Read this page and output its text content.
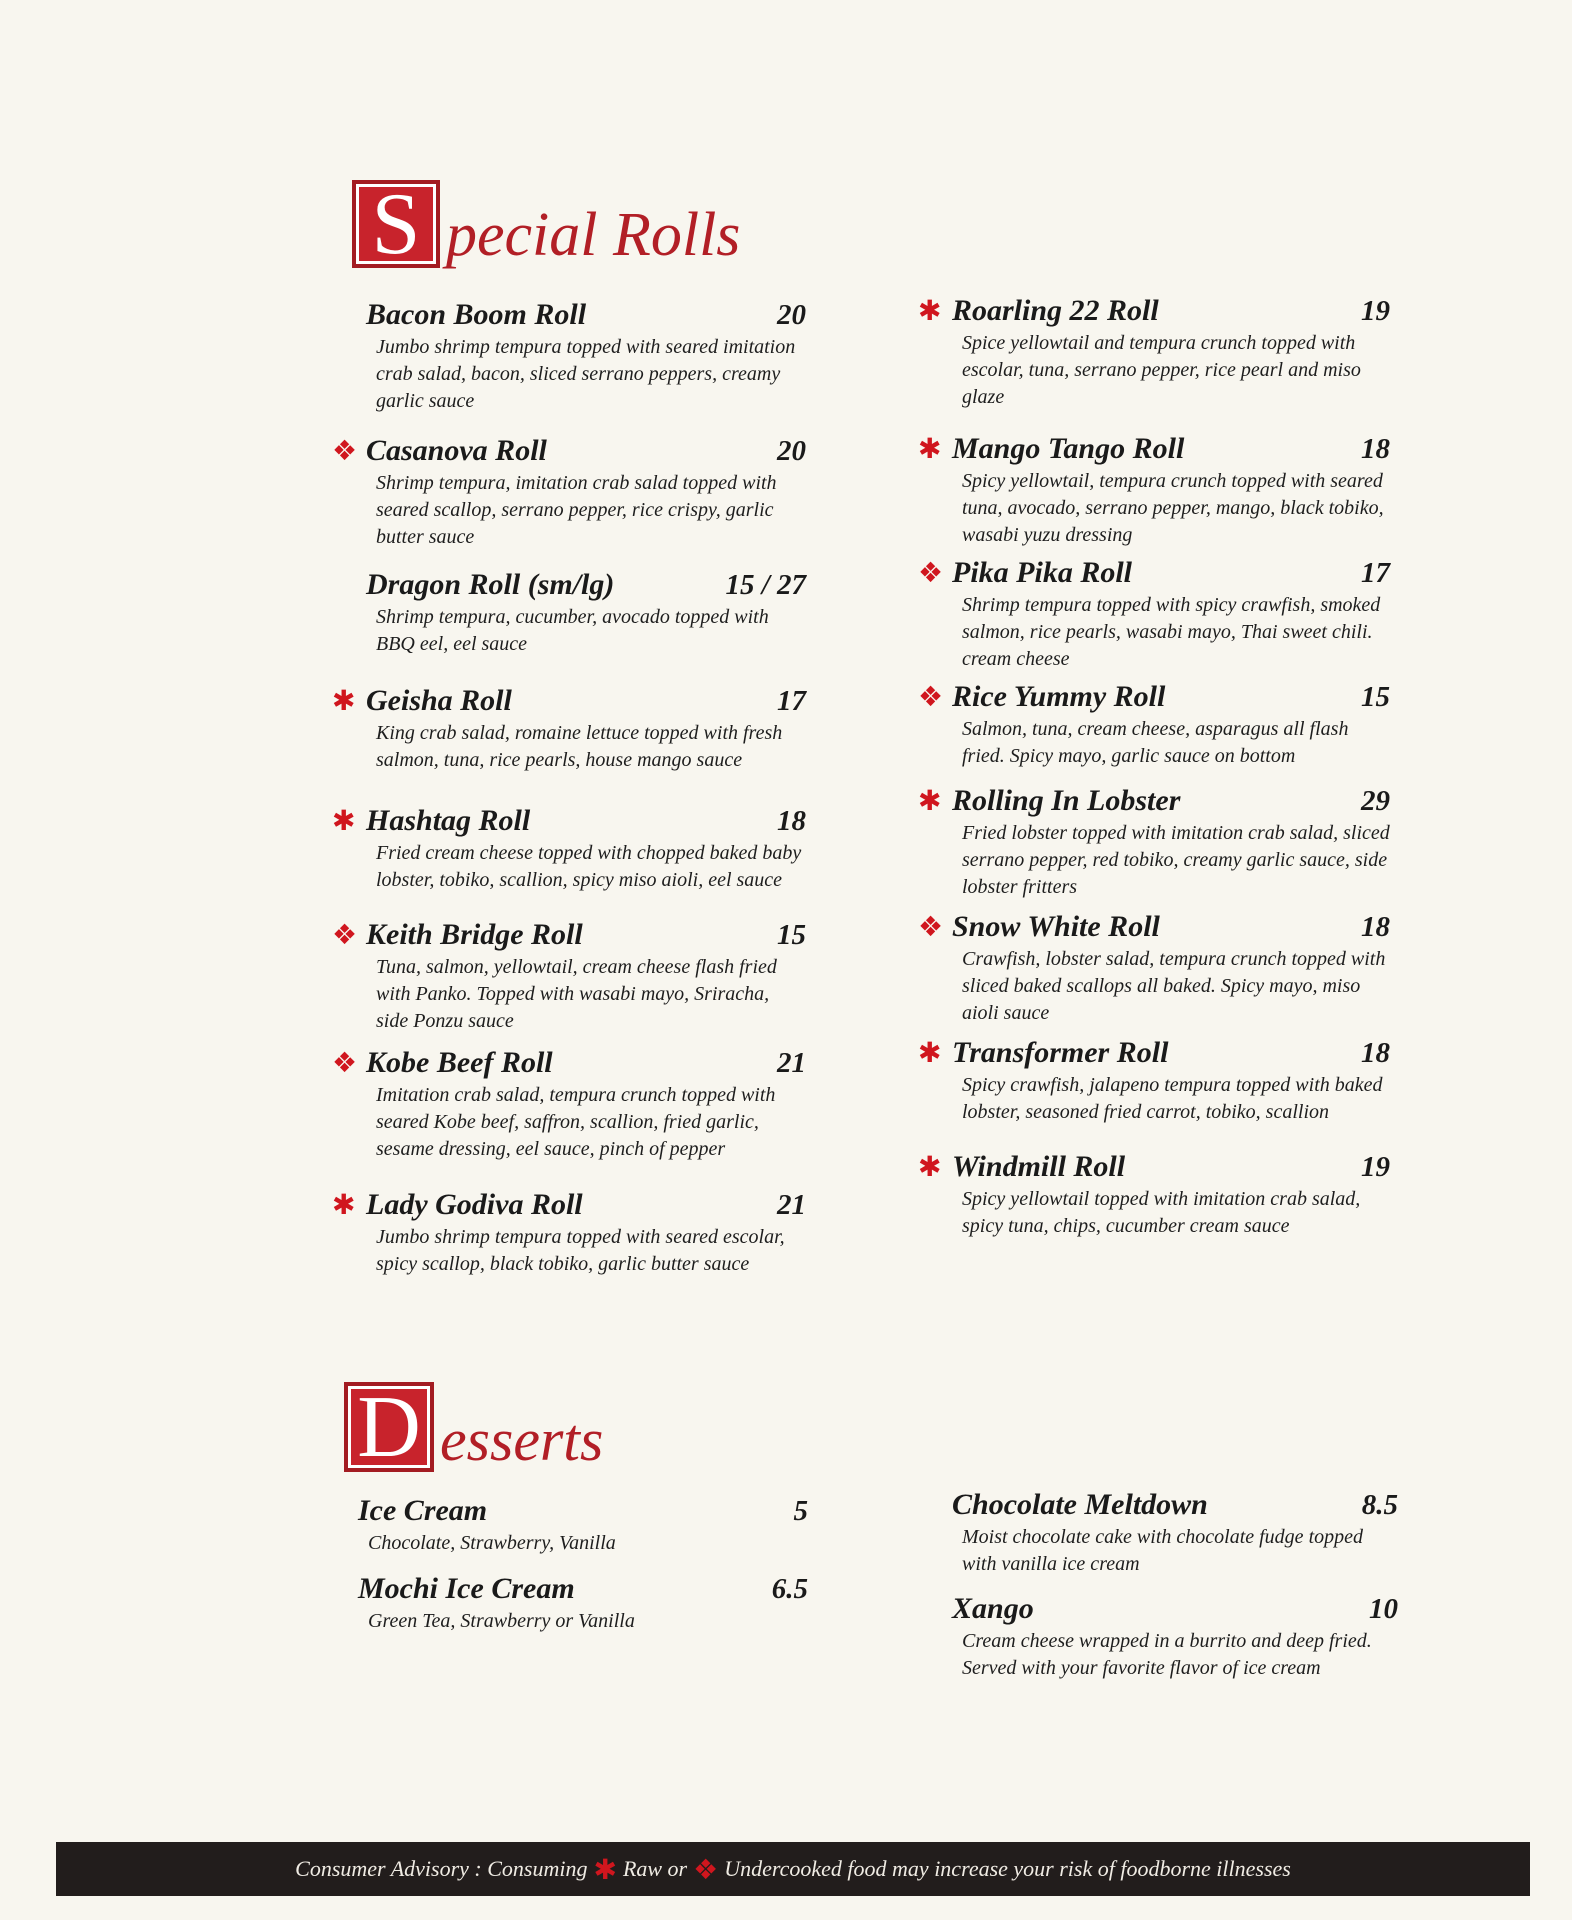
S pecial Rolls
Bacon Boom Roll	20
Jumbo shrimp tempura topped with seared imitation crab salad, bacon, sliced serrano peppers, creamy garlic sauce
❖ Casanova Roll	20
Shrimp tempura, imitation crab salad topped with seared scallop, serrano pepper, rice crispy, garlic butter sauce
Dragon Roll (sm/lg)	15 / 27
Shrimp tempura, cucumber, avocado topped with BBQ eel, eel sauce
✱ Geisha Roll	17
King crab salad, romaine lettuce topped with fresh salmon, tuna, rice pearls, house mango sauce
✱ Hashtag Roll	18
Fried cream cheese topped with chopped baked baby lobster, tobiko, scallion, spicy miso aioli, eel sauce
❖ Keith Bridge Roll	15
Tuna, salmon, yellowtail, cream cheese flash fried with Panko. Topped with wasabi mayo, Sriracha, side Ponzu sauce
❖ Kobe Beef Roll	21
Imitation crab salad, tempura crunch topped with seared Kobe beef, saffron, scallion, fried garlic, sesame dressing, eel sauce, pinch of pepper
✱ Lady Godiva Roll	21
Jumbo shrimp tempura topped with seared escolar, spicy scallop, black tobiko, garlic butter sauce
✱ Roarling 22 Roll	19
Spice yellowtail and tempura crunch topped with escolar, tuna, serrano pepper, rice pearl and miso glaze
✱ Mango Tango Roll	18
Spicy yellowtail, tempura crunch topped with seared tuna, avocado, serrano pepper, mango, black tobiko, wasabi yuzu dressing
❖ Pika Pika Roll	17
Shrimp tempura topped with spicy crawfish, smoked salmon, rice pearls, wasabi mayo, Thai sweet chili. cream cheese
❖ Rice Yummy Roll	15
Salmon, tuna, cream cheese, asparagus all flash fried. Spicy mayo, garlic sauce on bottom
✱ Rolling In Lobster	29
Fried lobster topped with imitation crab salad, sliced serrano pepper, red tobiko, creamy garlic sauce, side lobster fritters
❖ Snow White Roll	18
Crawfish, lobster salad, tempura crunch topped with sliced baked scallops all baked. Spicy mayo, miso aioli sauce
✱ Transformer Roll	18
Spicy crawfish, jalapeno tempura topped with baked lobster, seasoned fried carrot, tobiko, scallion
✱ Windmill Roll	19
Spicy yellowtail topped with imitation crab salad, spicy tuna, chips, cucumber cream sauce
D esserts
Ice Cream	5
Chocolate, Strawberry, Vanilla
Mochi Ice Cream	6.5
Green Tea, Strawberry or Vanilla
Chocolate Meltdown	8.5
Moist chocolate cake with chocolate fudge topped with vanilla ice cream
Xango	10
Cream cheese wrapped in a burrito and deep fried. Served with your favorite flavor of ice cream
Consumer Advisory : Consuming ✱ Raw or ❖ Undercooked food may increase your risk of foodborne illnesses
